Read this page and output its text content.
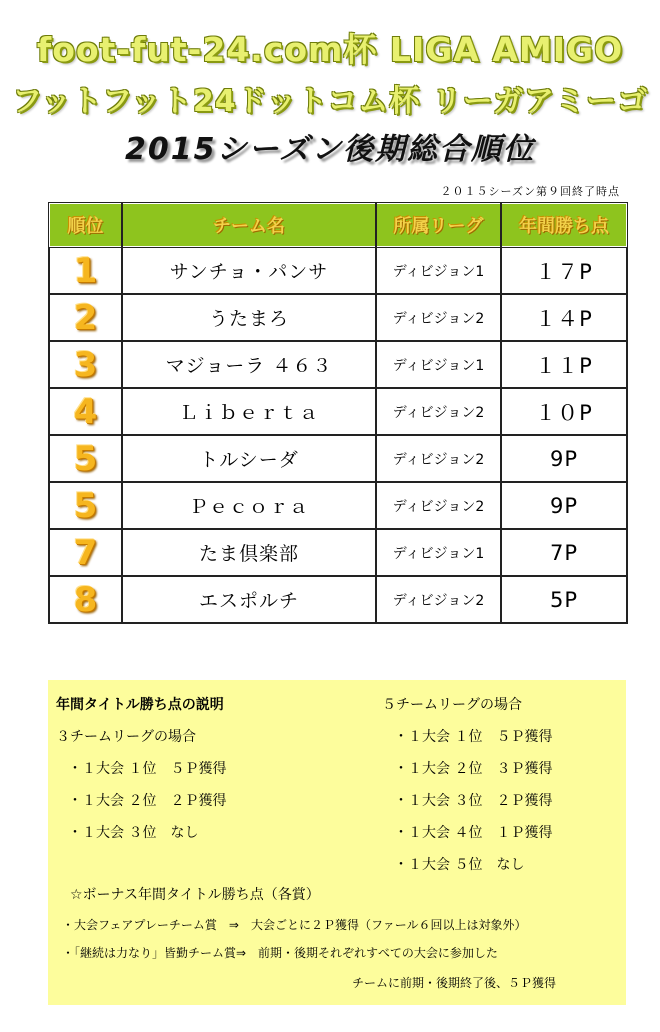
foot-fut-24.com杯 LIGA AMIGO
フットフット24ドットコム杯 リーガアミーゴ
2015シーズン後期総合順位
２０１５シーズン第９回終了時点
順位	チーム名	所属リーグ	年間勝ち点
1	サンチョ・パンサ	ディビジョン1	１７P
2	うたまろ	ディビジョン2	１４P
3	マジョーラ ４６３	ディビジョン1	１１P
4	Ｌｉｂｅｒｔａ	ディビジョン2	１０P
5	トルシーダ	ディビジョン2	9P
5	Ｐｅｃｏｒａ	ディビジョン2	9P
7	たま倶楽部	ディビジョン1	7P
8	エスポルチ	ディビジョン2	5P
年間タイトル勝ち点の説明
３チームリーグの場合
・１大会 １位　５Ｐ獲得
・１大会 ２位　２Ｐ獲得
・１大会 ３位　なし
５チームリーグの場合
・１大会 １位　５Ｐ獲得
・１大会 ２位　３Ｐ獲得
・１大会 ３位　２Ｐ獲得
・１大会 ４位　１Ｐ獲得
・１大会 ５位　なし
☆ボーナス年間タイトル勝ち点（各賞）
・大会フェアプレーチーム賞　⇒　大会ごとに２Ｐ獲得（ファール６回以上は対象外）
・「継続は力なり」皆勤チーム賞⇒　前期・後期それぞれすべての大会に参加した
チームに前期・後期終了後、５Ｐ獲得
